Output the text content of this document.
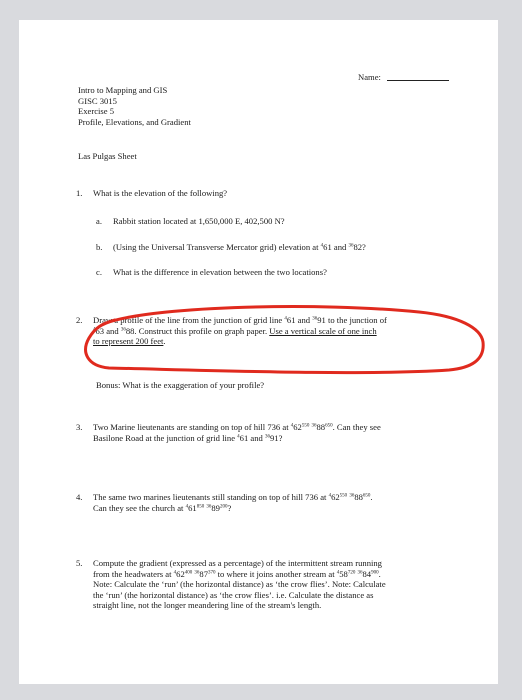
Name:
Intro to Mapping and GIS
GISC 3015
Exercise 5
Profile, Elevations, and Gradient
Las Pulgas Sheet
1. What is the elevation of the following?
a. Rabbit station located at 1,650,000 E, 402,500 N?
b. (Using the Universal Transverse Mercator grid) elevation at $^4$61 and $^{36}$82?
c. What is the difference in elevation between the two locations?
2. Draw a profile of the line from the junction of grid line $^4$61 and $^{36}$91 to the junction of
$^4$63 and $^{36}$88. Construct this profile on graph paper. Use a vertical scale of one inch
to represent 200 feet.
Bonus: What is the exaggeration of your profile?
3. Two Marine lieutenants are standing on top of hill 736 at $^462^{550}$ $^{36}88^{650}$. Can they see
Basilone Road at the junction of grid line $^4$61 and $^{36}$91?
4. The same two marines lieutenants still standing on top of hill 736 at $^462^{550}$ $^{36}88^{650}$.
Can they see the church at $^461^{850}$ $^{36}89^{200}$?
5. Compute the gradient (expressed as a percentage) of the intermittent stream running
from the headwaters at $^462^{400}$ $^{36}87^{370}$ to where it joins another stream at $^458^{720}$ $^{36}84^{900}$.
Note: Calculate the ‘run’ (the horizontal distance) as ‘the crow flies’. Note: Calculate
the ‘run’ (the horizontal distance) as ‘the crow flies’. i.e. Calculate the distance as
straight line, not the longer meandering line of the stream's length.
